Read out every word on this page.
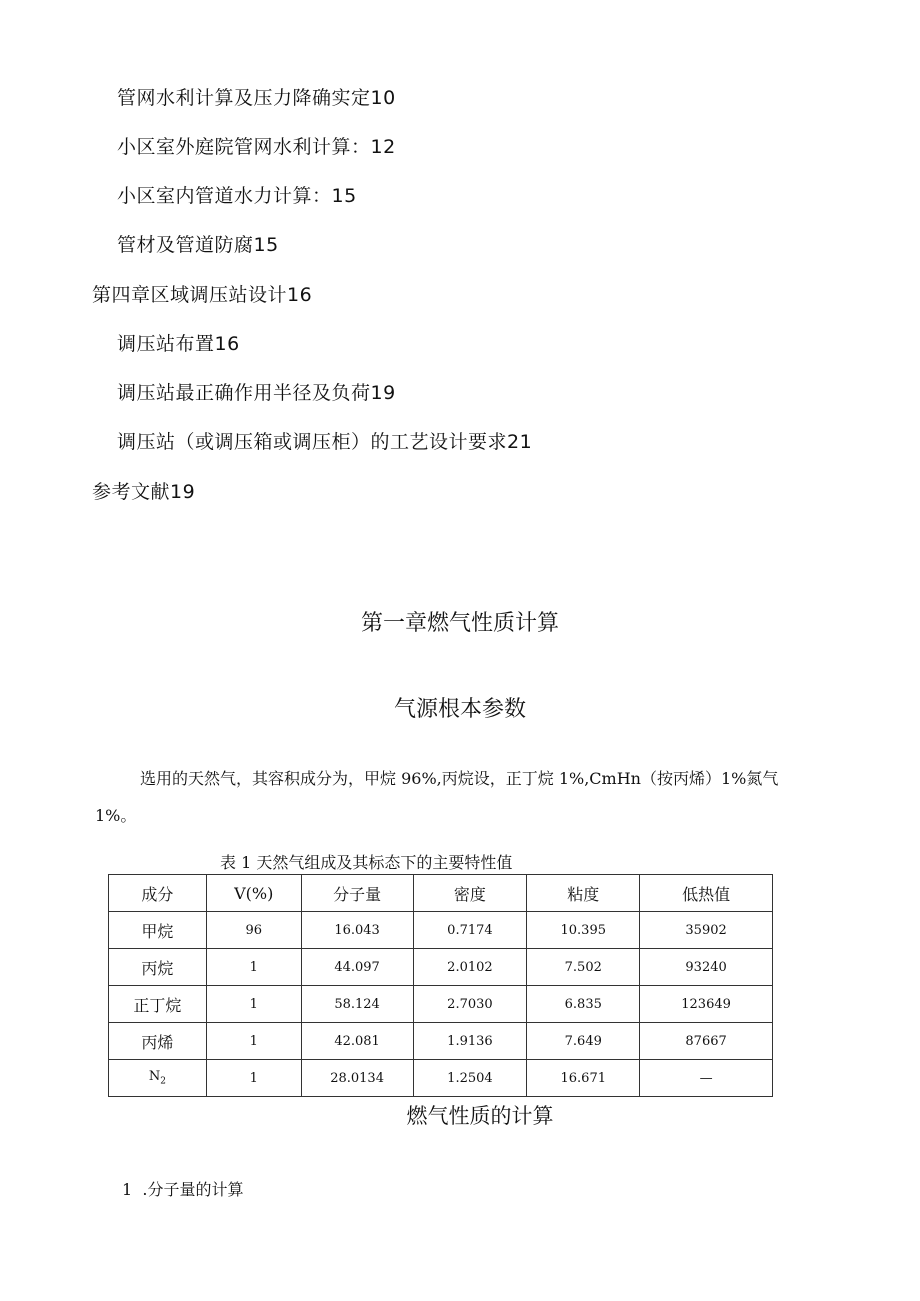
管网水利计算及压力降确实定10
小区室外庭院管网水利计算：12
小区室内管道水力计算：15
管材及管道防腐15
第四章区域调压站设计16
调压站布置16
调压站最正确作用半径及负荷19
调压站（或调压箱或调压柜）的工艺设计要求21
参考文献19
第一章燃气性质计算
气源根本参数
选用的天然气，其容积成分为，甲烷 96%,丙烷设，正丁烷 1%,CmHn（按丙烯）1%氮气
1%。
表 1 天然气组成及其标态下的主要特性值
成分	V(%)	分子量	密度	粘度	低热值
甲烷	96	16.043	0.7174	10.395	35902
丙烷	1	44.097	2.0102	7.502	93240
正丁烷	1	58.124	2.7030	6.835	123649
丙烯	1	42.081	1.9136	7.649	87667
$N_2$	1	28.0134	1.2504	16.671	—
燃气性质的计算
1 .分子量的计算
